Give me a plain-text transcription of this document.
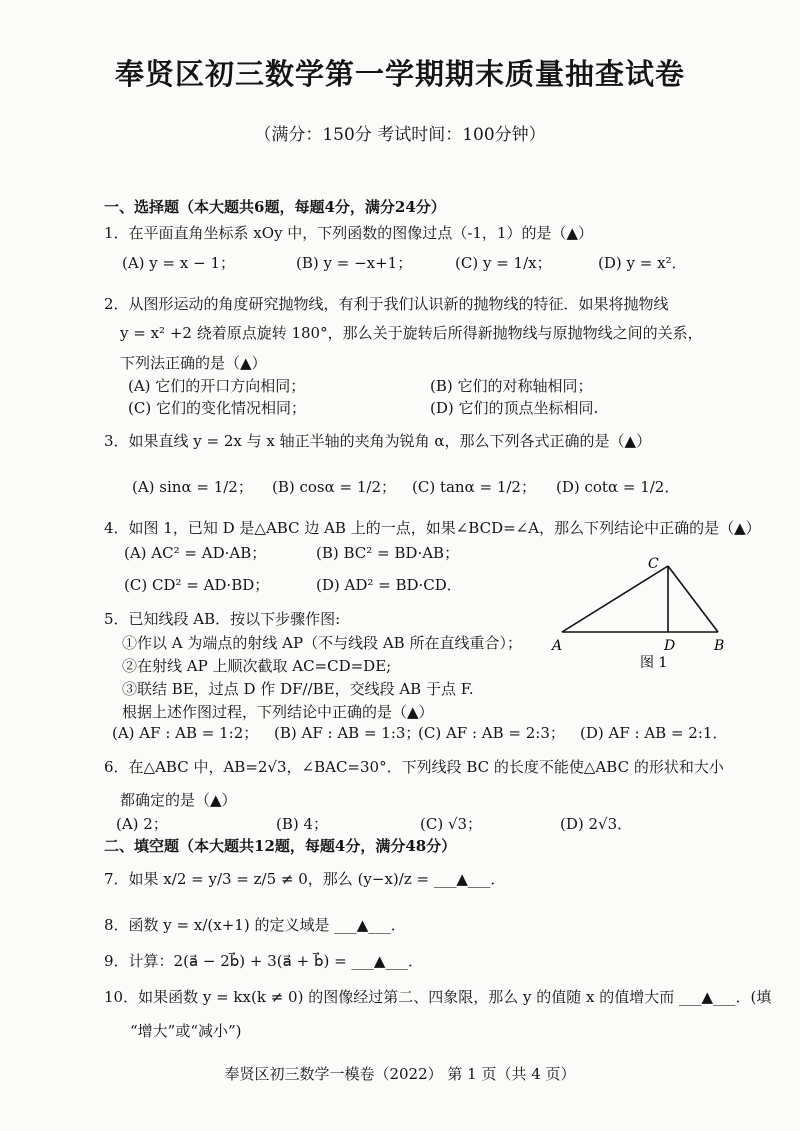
奉贤区初三数学第一学期期末质量抽查试卷
（满分：150分 考试时间：100分钟）
一、选择题（本大题共6题，每题4分，满分24分）
1．在平面直角坐标系 xOy 中，下列函数的图像过点（-1，1）的是（▲）
(A) y = x − 1；	(B) y = −x+1；	(C) y = 1/x；	(D) y = x²．
2．从图形运动的角度研究抛物线，有利于我们认识新的抛物线的特征．如果将抛物线
y = x² +2 绕着原点旋转 180°，那么关于旋转后所得新抛物线与原抛物线之间的关系，
下列法正确的是（▲）
(A) 它们的开口方向相同；	(B) 它们的对称轴相同；
(C) 它们的变化情况相同；	(D) 它们的顶点坐标相同.
3．如果直线 y = 2x 与 x 轴正半轴的夹角为锐角 α，那么下列各式正确的是（▲）
(A) sinα = 1/2； (B) cosα = 1/2； (C) tanα = 1/2； (D) cotα = 1/2．
4．如图 1，已知 D 是△ABC 边 AB 上的一点，如果∠BCD=∠A，那么下列结论中正确的是（▲）
(A) AC² = AD·AB；	(B) BC² = BD·AB；
(C) CD² = AD·BD；	(D) AD² = BD·CD．
5．已知线段 AB．按以下步骤作图:
①作以 A 为端点的射线 AP（不与线段 AB 所在直线重合）；
②在射线 AP 上顺次截取 AC=CD=DE;
③联结 BE，过点 D 作 DF//BE，交线段 AB 于点 F.
根据上述作图过程，下列结论中正确的是（▲）
(A) AF : AB = 1:2； (B) AF : AB = 1:3；
(C) AF : AB = 2:3； (D) AF : AB = 2:1．
6．在△ABC 中，AB=2√3，∠BAC=30°．下列线段 BC 的长度不能使△ABC 的形状和大小
都确定的是（▲）
(A) 2；	(B) 4；	(C) √3；	(D) 2√3．
A	B
C
D
图 1
二、填空题（本大题共12题，每题4分，满分48分）
7．如果 x/2 = y/3 = z/5 ≠ 0，那么 (y−x)/z = ___▲___．
8．函数 y = x/(x+1) 的定义域是 ___▲___．
9．计算：2(a⃗ − 2b⃗) + 3(a⃗ + b⃗) = ___▲___．
10．如果函数 y = kx(k ≠ 0) 的图像经过第二、四象限，那么 y 的值随 x 的值增大而 ___▲___．(填
“增大”或“减小”)
奉贤区初三数学一模卷（2022） 第 1 页（共 4 页）
